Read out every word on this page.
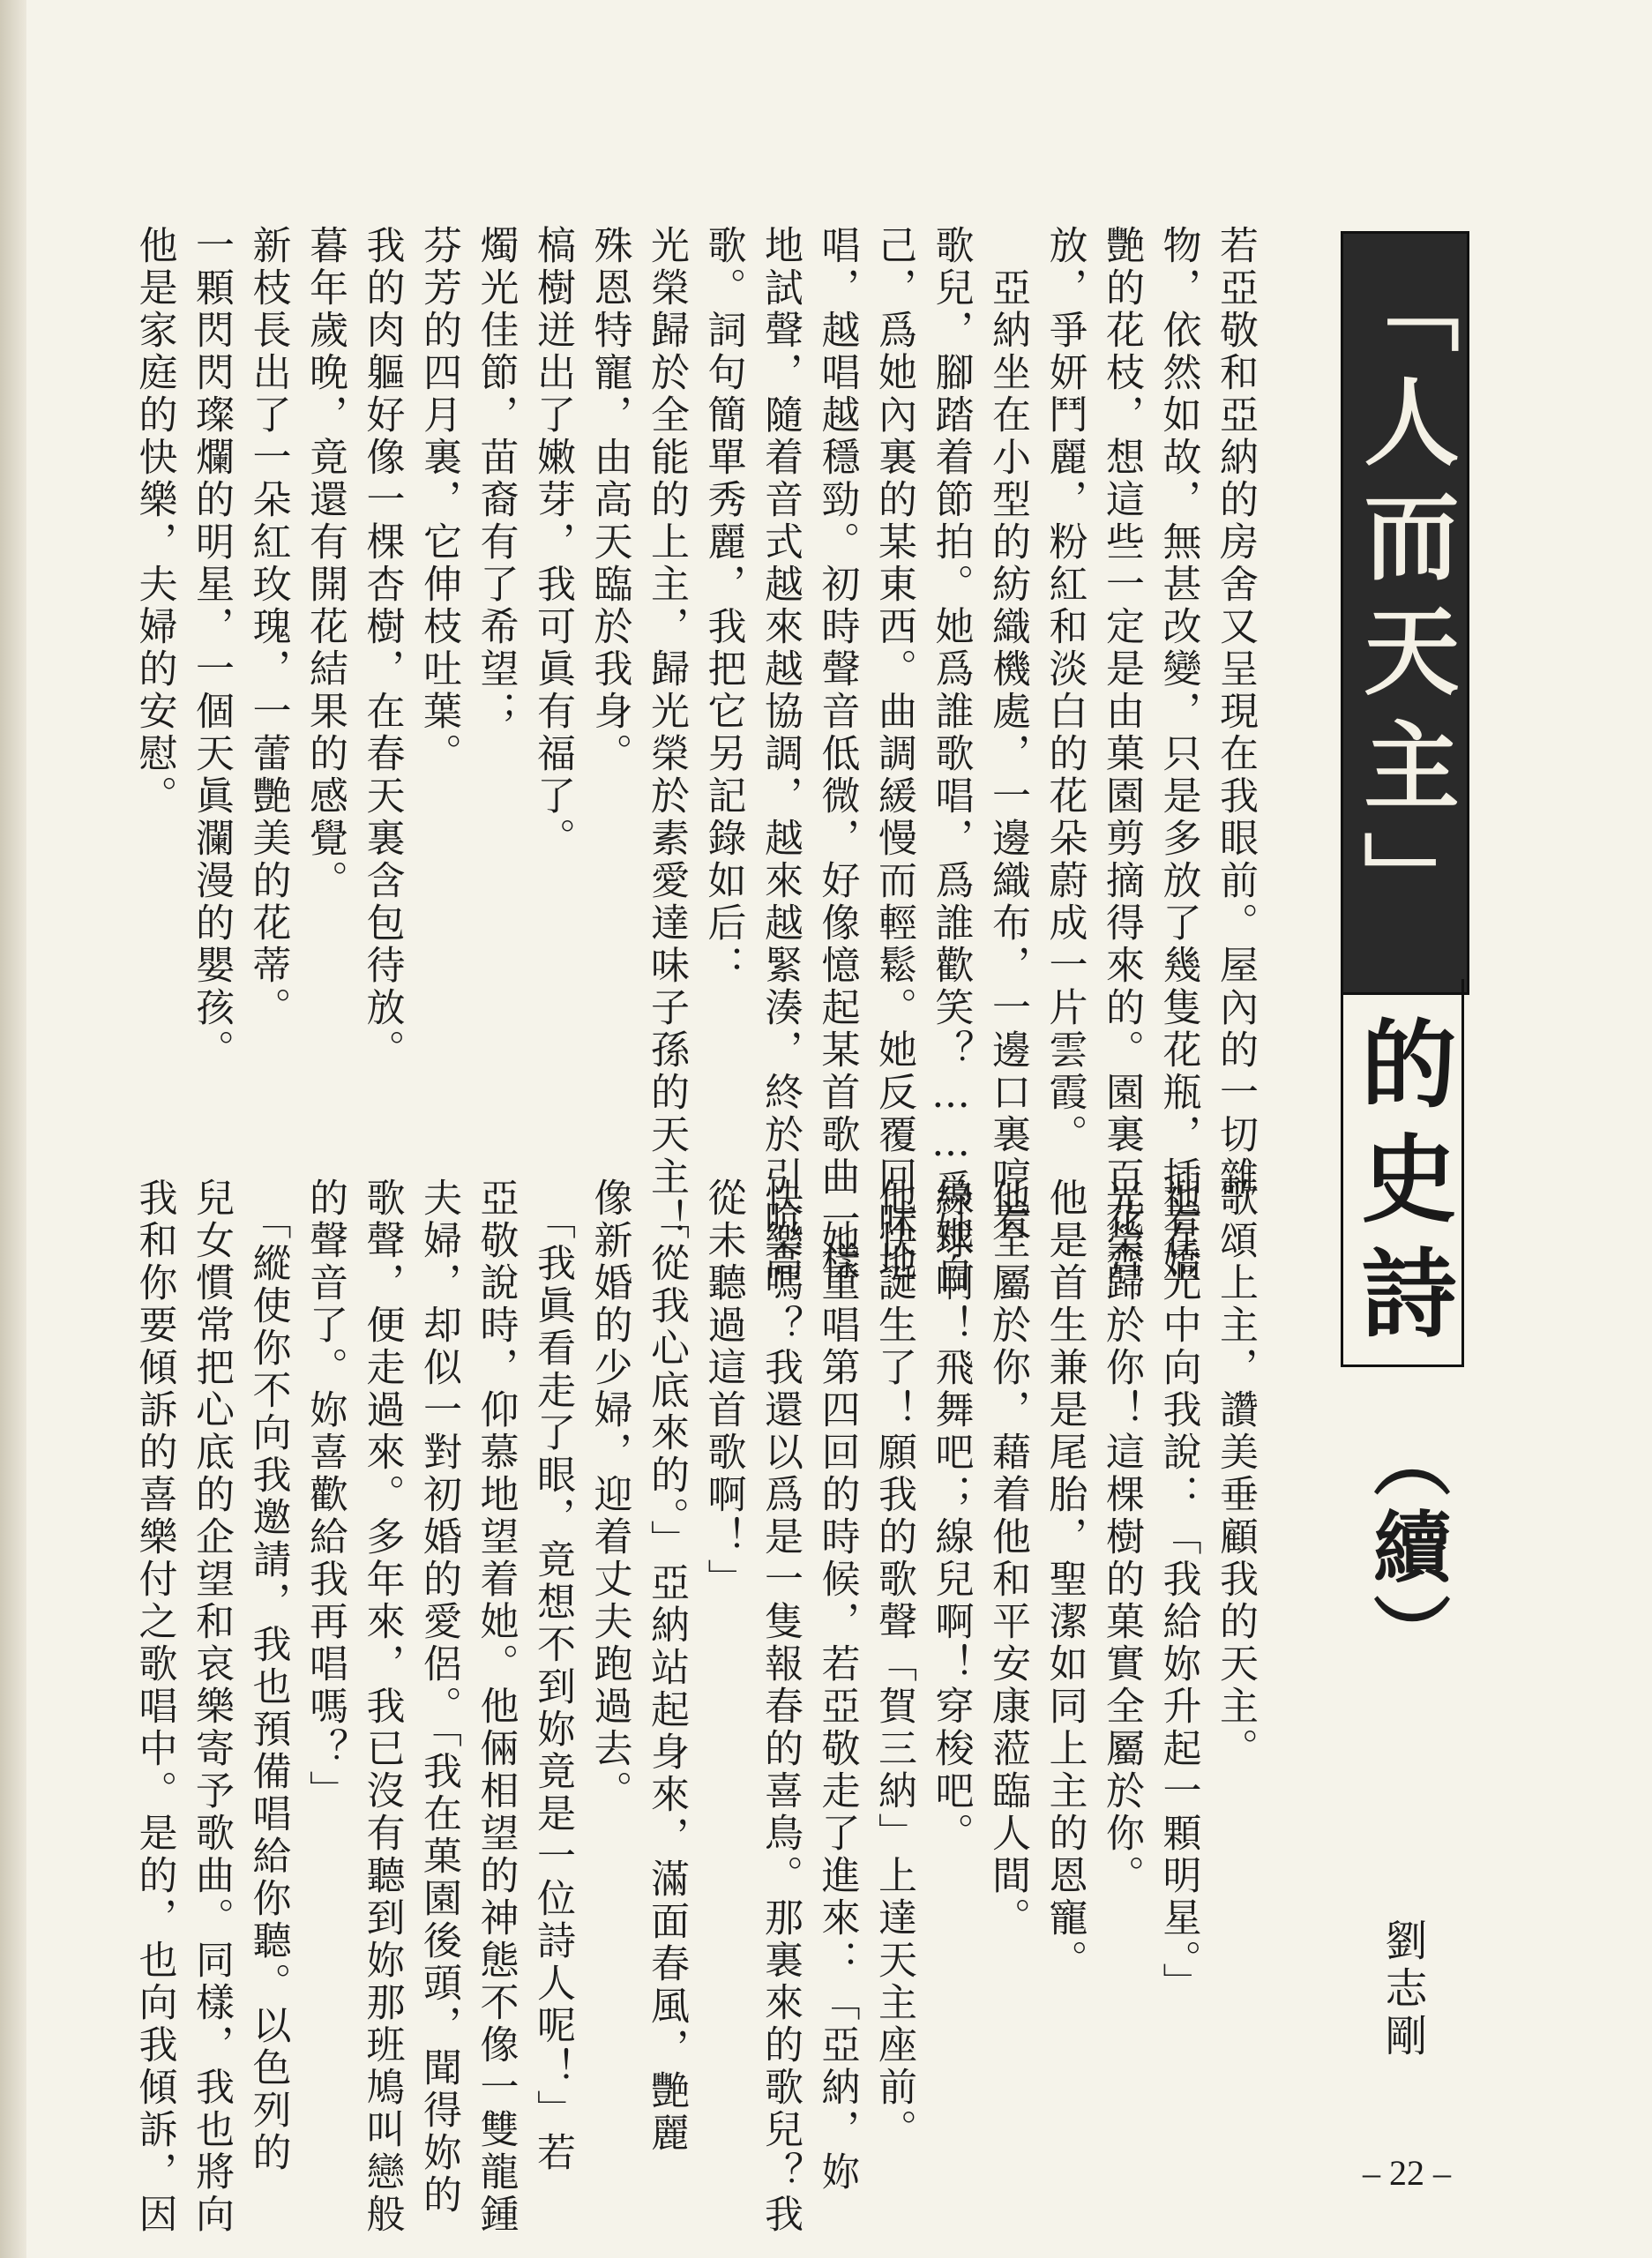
「人而天主」
的史詩
（續）
劉志剛
若亞敬和亞納的房舍又呈現在我眼前。屋內的一切雜
物，依然如故，無甚改變，只是多放了幾隻花瓶，插着嬌
艷的花枝，想這些一定是由菓園剪摘得來的。園裏百花齊
放，爭妍鬥麗，粉紅和淡白的花朵蔚成一片雲霞。
　亞納坐在小型的紡織機處，一邊織布，一邊口裏哼着
歌兒，腳踏着節拍。她爲誰歌唱，爲誰歡笑？……爲她自
己，爲她內裏的某東西。曲調緩慢而輕鬆。她反覆回味地
唱，越唱越穩勁。初時聲音低微，好像憶起某首歌曲一樣
地試聲，隨着音式越來越協調，越來越緊湊，終於引吭高
歌。詞句簡單秀麗，我把它另記錄如后：
光榮歸於全能的上主，歸光榮於素愛達味子孫的天主！
殊恩特寵，由高天臨於我身。
槁樹迸出了嫩芽，我可眞有福了。
燭光佳節，苗裔有了希望；
芬芳的四月裏，它伸枝吐葉。
我的肉軀好像一棵杏樹，在春天裏含包待放。
暮年歲晚，竟還有開花結果的感覺。
新枝長出了一朵紅玫瑰，一蕾艷美的花蒂。
一顆閃閃璨爛的明星，一個天眞瀾漫的嬰孩。
他是家庭的快樂，夫婦的安慰。
歌頌上主，讚美垂顧我的天主。
祂在光中向我說：「我給妳升起一顆明星。」
光榮歸於你！這棵樹的菓實全屬於你。
他是首生兼是尾胎，聖潔如同上主的恩寵。
他全屬於你，藉着他和平安康蒞臨人間。
線球啊！飛舞吧；線兒啊！穿梭吧。
他快誕生了！願我的歌聲「賀三納」上達天主座前。
　她重唱第四回的時候，若亞敬走了進來：「亞納，妳
快樂嗎？我還以爲是一隻報春的喜鳥。那裏來的歌兒？我
從未聽過這首歌啊！」
　「從我心底來的。」亞納站起身來，滿面春風，艷麗
像新婚的少婦，迎着丈夫跑過去。
　「我眞看走了眼，竟想不到妳竟是一位詩人呢！」若
亞敬說時，仰慕地望着她。他倆相望的神態不像一雙龍鍾
夫婦，却似一對初婚的愛侶。「我在菓園後頭，聞得妳的
歌聲，便走過來。多年來，我已沒有聽到妳那班鳩叫戀般
的聲音了。妳喜歡給我再唱嗎？」
　「縱使你不向我邀請，我也預備唱給你聽。以色列的
兒女慣常把心底的企望和哀樂寄予歌曲。同樣，我也將向
我和你要傾訴的喜樂付之歌唱中。是的，也向我傾訴，因	– 22 –
